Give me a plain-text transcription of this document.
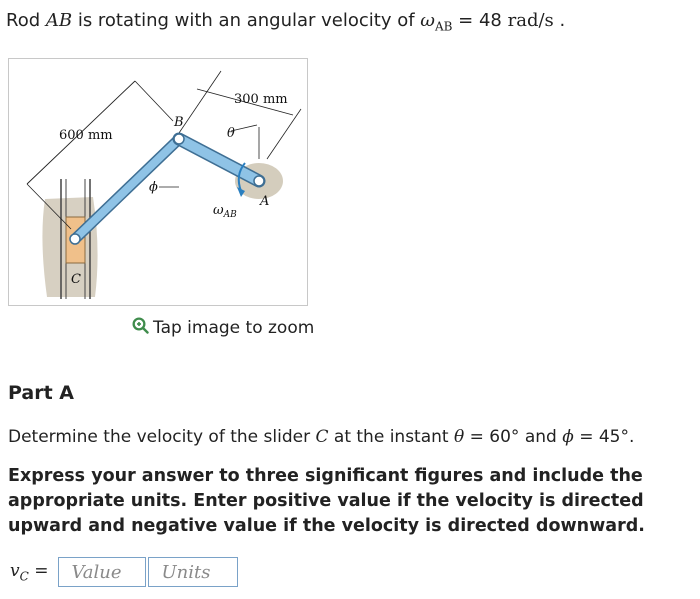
Rod AB is rotating with an angular velocity of $\omega_{AB} = 48$ rad/s .
300 mm
600 mm
B
A
C
θ
ϕ
$\omega_{AB}$
Tap image to zoom
Part A
Determine the velocity of the slider C at the instant θ = 60° and ϕ = 45°.
Express your answer to three significant figures and include the appropriate units. Enter positive value if the velocity is directed upward and negative value if the velocity is directed downward.
$v_C$ =
Value
Units
